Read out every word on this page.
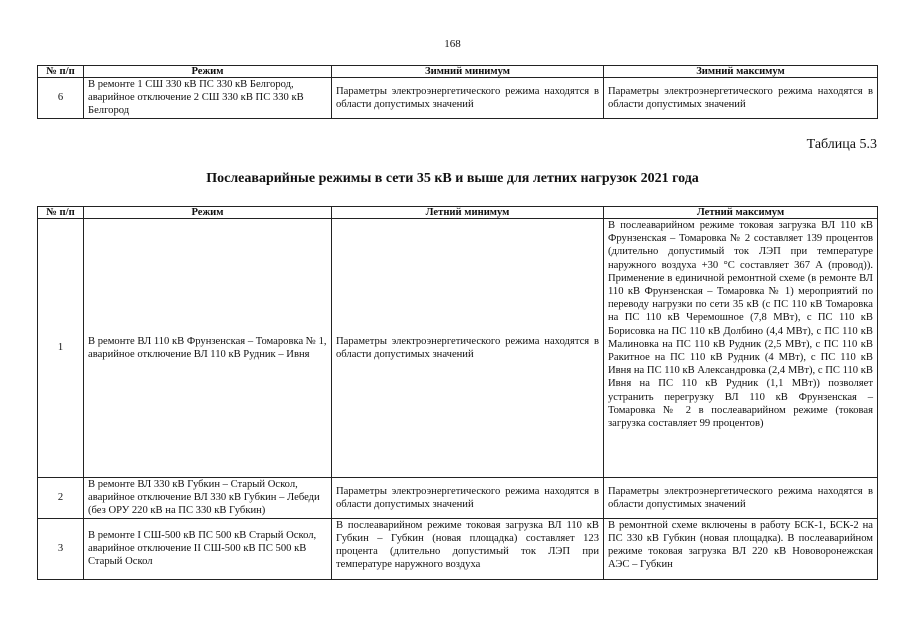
168
№ п/п	Режим	Зимний минимум	Зимний максимум
6	В ремонте 1 СШ 330 кВ ПС 330 кВ Белгород, аварийное отключение 2 СШ 330 кВ ПС 330 кВ Белгород	Параметры электроэнергетического режима находятся в области допустимых значений	Параметры электроэнергетического режима находятся в области допустимых значений
Таблица 5.3
Послеаварийные режимы в сети 35 кВ и выше для летних нагрузок 2021 года
№ п/п	Режим	Летний минимум	Летний максимум
1	В ремонте ВЛ 110 кВ Фрунзенская – Томаровка № 1, аварийное отключение ВЛ 110 кВ Рудник – Ивня	Параметры электроэнергетического режима находятся в области допустимых значений	В послеаварийном режиме токовая загрузка ВЛ 110 кВ Фрунзенская – Томаровка № 2 составляет 139 процентов (длительно допустимый ток ЛЭП при температуре наружного воздуха +30 °С составляет 367 А (провод)). Применение в единичной ремонтной схеме (в ремонте ВЛ 110 кВ Фрунзенская – Томаровка № 1) мероприятий по переводу нагрузки по сети 35 кВ (с ПС 110 кВ Томаровка на ПС 110 кВ Черемошное (7,8 МВт), с ПС 110 кВ Борисовка на ПС 110 кВ Долбино (4,4 МВт), с ПС 110 кВ Малиновка на ПС 110 кВ Рудник (2,5 МВт), с ПС 110 кВ Ракитное на ПС 110 кВ Рудник (4 МВт), с ПС 110 кВ Ивня на ПС 110 кВ Александровка (2,4 МВт), с ПС 110 кВ Ивня на ПС 110 кВ Рудник (1,1 МВт)) позволяет устранить перегрузку ВЛ 110 кВ Фрунзенская – Томаровка № 2 в послеаварийном режиме (токовая загрузка составляет 99 процентов)
2	В ремонте ВЛ 330 кВ Губкин – Старый Оскол, аварийное отключение ВЛ 330 кВ Губкин – Лебеди (без ОРУ 220 кВ на ПС 330 кВ Губкин)	Параметры электроэнергетического режима находятся в области допустимых значений	Параметры электроэнергетического режима находятся в области допустимых значений
3	В ремонте I СШ-500 кВ ПС 500 кВ Старый Оскол, аварийное отключение II СШ-500 кВ ПС 500 кВ Старый Оскол	В послеаварийном режиме токовая загрузка ВЛ 110 кВ Губкин – Губкин (новая площадка) составляет 123 процента (длительно допустимый ток ЛЭП при температуре наружного воздуха	В ремонтной схеме включены в работу БСК-1, БСК-2 на ПС 330 кВ Губкин (новая площадка). В послеаварийном режиме токовая загрузка ВЛ 220 кВ Нововоронежская АЭС – Губкин
